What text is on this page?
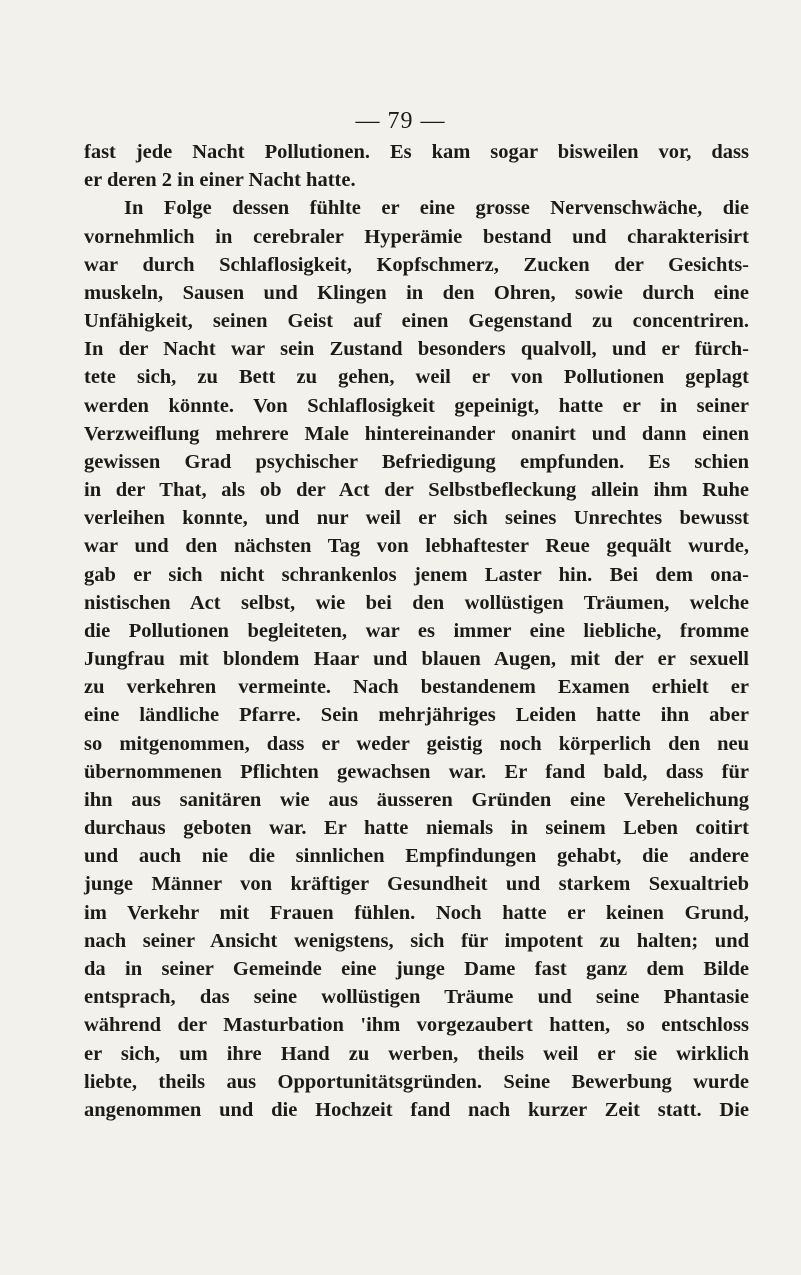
— 79 —
fast jede Nacht Pollutionen. Es kam sogar bisweilen vor, dass
er deren 2 in einer Nacht hatte.
In Folge dessen fühlte er eine grosse Nervenschwäche, die
vornehmlich in cerebraler Hyperämie bestand und charakterisirt
war durch Schlaflosigkeit, Kopfschmerz, Zucken der Gesichts-
muskeln, Sausen und Klingen in den Ohren, sowie durch eine
Unfähigkeit, seinen Geist auf einen Gegenstand zu concentriren.
In der Nacht war sein Zustand besonders qualvoll, und er fürch-
tete sich, zu Bett zu gehen, weil er von Pollutionen geplagt
werden könnte. Von Schlaflosigkeit gepeinigt, hatte er in seiner
Verzweiflung mehrere Male hintereinander onanirt und dann einen
gewissen Grad psychischer Befriedigung empfunden. Es schien
in der That, als ob der Act der Selbstbefleckung allein ihm Ruhe
verleihen konnte, und nur weil er sich seines Unrechtes bewusst
war und den nächsten Tag von lebhaftester Reue gequält wurde,
gab er sich nicht schrankenlos jenem Laster hin. Bei dem ona-
nistischen Act selbst, wie bei den wollüstigen Träumen, welche
die Pollutionen begleiteten, war es immer eine liebliche, fromme
Jungfrau mit blondem Haar und blauen Augen, mit der er sexuell
zu verkehren vermeinte. Nach bestandenem Examen erhielt er
eine ländliche Pfarre. Sein mehrjähriges Leiden hatte ihn aber
so mitgenommen, dass er weder geistig noch körperlich den neu
übernommenen Pflichten gewachsen war. Er fand bald, dass für
ihn aus sanitären wie aus äusseren Gründen eine Verehelichung
durchaus geboten war. Er hatte niemals in seinem Leben coitirt
und auch nie die sinnlichen Empfindungen gehabt, die andere
junge Männer von kräftiger Gesundheit und starkem Sexualtrieb
im Verkehr mit Frauen fühlen. Noch hatte er keinen Grund,
nach seiner Ansicht wenigstens, sich für impotent zu halten; und
da in seiner Gemeinde eine junge Dame fast ganz dem Bilde
entsprach, das seine wollüstigen Träume und seine Phantasie
während der Masturbation 'ihm vorgezaubert hatten, so entschloss
er sich, um ihre Hand zu werben, theils weil er sie wirklich
liebte, theils aus Opportunitätsgründen. Seine Bewerbung wurde
angenommen und die Hochzeit fand nach kurzer Zeit statt. Die
